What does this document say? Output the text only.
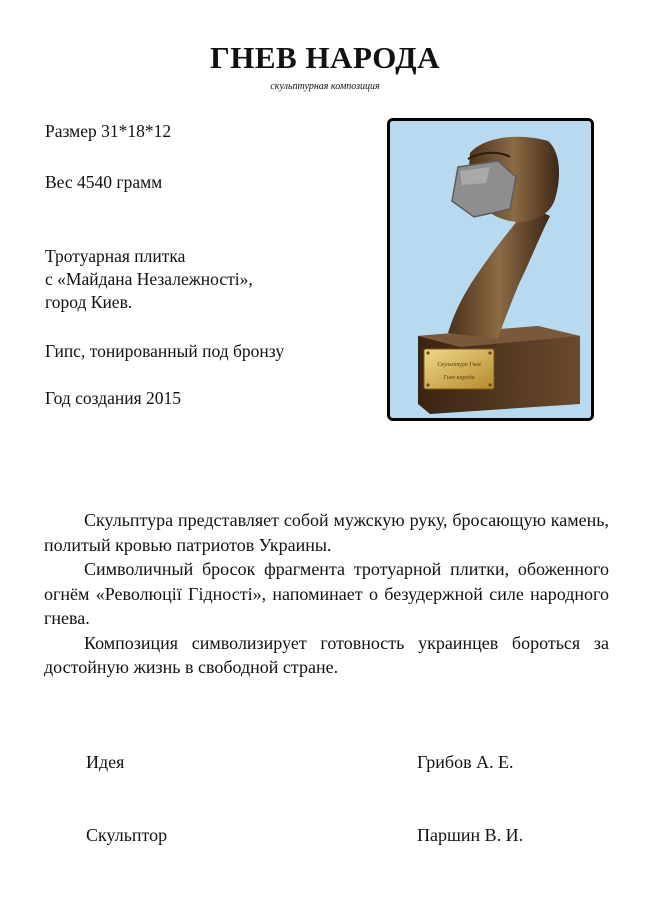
ГНЕВ НАРОДА
скульптурная композиция
Размер 31*18*12
Вес 4540 грамм
Тротуарная плитка
с «Майдана Незалежності»,
город Киев.
Гипс, тонированный под бронзу
Год создания 2015
Скульптура Гнев
Гнев народа

Скульптура представляет собой мужскую руку, бросающую камень, политый кровью патриотов Украины.

Символичный бросок фрагмента тротуарной плитки, обоженного огнём «Революції Гідності», напоминает о безудержной силе народного гнева.

Композиция символизирует готовность украинцев бороться за достойную жизнь в свободной стране.

Идея	Грибов А. Е.
Скульптор	Паршин В. И.
